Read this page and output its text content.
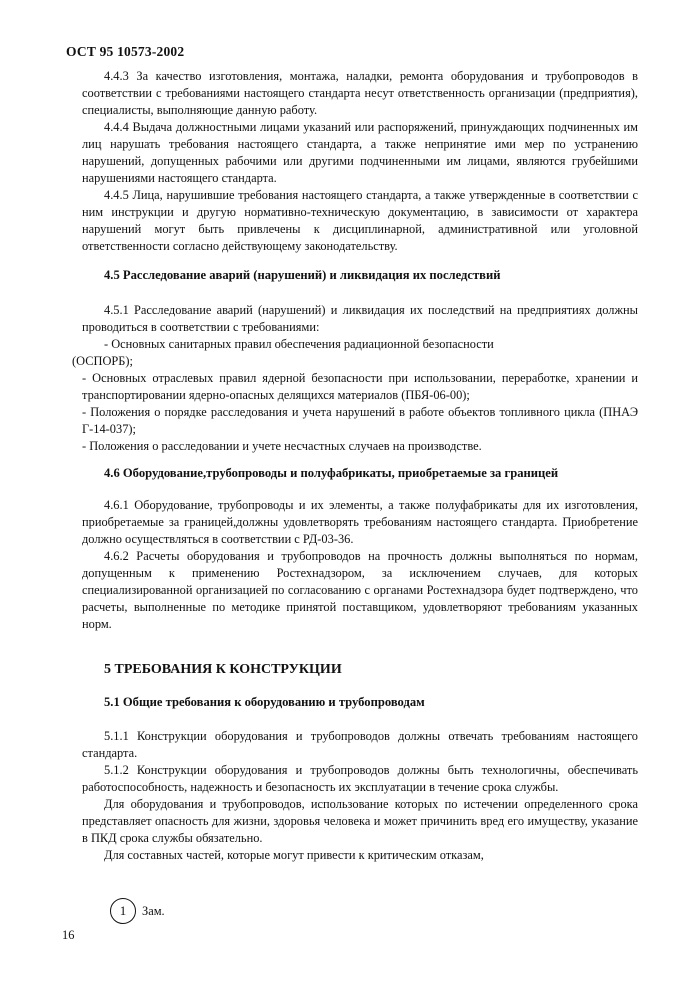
ОСТ 95 10573-2002

4.4.3 За качество изготовления, монтажа, наладки, ремонта оборудования и трубопроводов в соответствии с требованиями настоящего стандарта несут ответственность организации (предприятия), специалисты, выполняющие данную работу.

4.4.4 Выдача должностными лицами указаний или распоряжений, принуждающих подчиненных им лиц нарушать требования настоящего стандарта, а также непринятие ими мер по устранению нарушений, допущенных рабочими или другими подчиненными им лицами, являются грубейшими нарушениями настоящего стандарта.

4.4.5 Лица, нарушившие требования настоящего стандарта, а также утвержденные в соответствии с ним инструкции и другую нормативно-техническую документацию, в зависимости от характера нарушений могут быть привлечены к дисциплинарной, административной или уголовной ответственности согласно действующему законодательству.

4.5 Расследование аварий (нарушений) и ликвидация их последствий

4.5.1 Расследование аварий (нарушений) и ликвидация их последствий на предприятиях должны проводиться в соответствии с требованиями:

- Основных санитарных правил обеспечения радиационной безопасности

(ОСПОРБ);

- Основных отраслевых правил ядерной безопасности при использовании, переработке, хранении и транспортировании ядерно-опасных делящихся материалов (ПБЯ-06-00);

- Положения о порядке расследования и учета нарушений в работе объектов топливного цикла (ПНАЭ Г-14-037);

- Положения о расследовании и учете несчастных случаев на производстве.

4.6 Оборудование,трубопроводы и полуфабрикаты, приобретаемые за границей

4.6.1 Оборудование, трубопроводы и их элементы, а также полуфабрикаты для их изготовления, приобретаемые за границей,должны удовлетворять требованиям настоящего стандарта. Приобретение должно осуществляться в соответствии с РД-03-36.

4.6.2 Расчеты оборудования и трубопроводов на прочность должны выполняться по нормам, допущенным к применению Ростехнадзором, за исключением случаев, для которых специализированной организацией по согласованию с органами Ростехнадзора будет подтверждено, что расчеты, выполненные по методике принятой поставщиком, удовлетворяют требованиям указанных норм.

5 ТРЕБОВАНИЯ К КОНСТРУКЦИИ
5.1 Общие требования к оборудованию и трубопроводам

5.1.1 Конструкции оборудования и трубопроводов должны отвечать требованиям настоящего стандарта.

5.1.2 Конструкции оборудования и трубопроводов должны быть технологичны, обеспечивать работоспособность, надежность и безопасность их эксплуатации в течение срока службы.

Для оборудования и трубопроводов, использование которых по истечении определенного срока представляет опасность для жизни, здоровья человека и может причинить вред его имуществу, указание в ПКД срока службы обязательно.

Для составных частей, которые могут привести к критическим отказам,

1	Зам.
16
